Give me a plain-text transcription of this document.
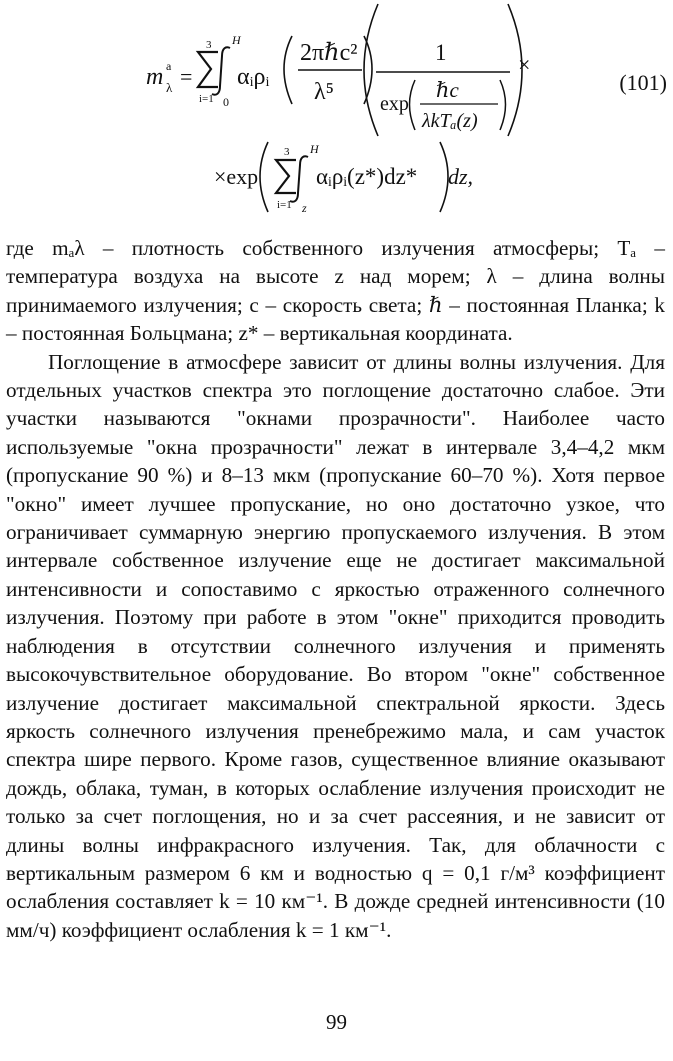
m a
λ =
3
i=1
H
0
αᵢρᵢ
2πℏc²
λ⁵
1
exp
ℏc
λkTₐ(z)
×
×exp
3
i=1
H
z
αᵢρᵢ(z*)dz* dz,
(101)

где mₐλ – плотность собственного излучения атмосферы; Tₐ – температура воздуха на высоте z над морем; λ – длина волны принимаемого излучения; c – скорость света; ℏ – постоянная Планка; k – постоянная Больцмана; z* – вертикальная координата.

Поглощение в атмосфере зависит от длины волны излучения. Для отдельных участков спектра это поглощение достаточно слабое. Эти участки называются "окнами прозрачности". Наиболее часто используемые "окна прозрачности" лежат в интервале 3,4–4,2 мкм (пропускание 90 %) и 8–13 мкм (пропускание 60–70 %). Хотя первое "окно" имеет лучшее пропускание, но оно достаточно узкое, что ограничивает суммарную энергию пропускаемого излучения. В этом интервале собственное излучение еще не достигает максимальной интенсивности и сопоставимо с яркостью отраженного солнечного излучения. Поэтому при работе в этом "окне" приходится проводить наблюдения в отсутствии солнечного излучения и применять высокочувствительное оборудование. Во втором "окне" собственное излучение достигает максимальной спектральной яркости. Здесь яркость солнечного излучения пренебрежимо мала, и сам участок спектра шире первого. Кроме газов, существенное влияние оказывают дождь, облака, туман, в которых ослабление излучения происходит не только за счет поглощения, но и за счет рассеяния, и не зависит от длины волны инфракрасного излучения. Так, для облачности с вертикальным размером 6 км и водностью q = 0,1 г/м³ коэффициент ослабления составляет k = 10 км⁻¹. В дожде средней интенсивности (10 мм/ч) коэффициент ослабления k = 1 км⁻¹.

99
